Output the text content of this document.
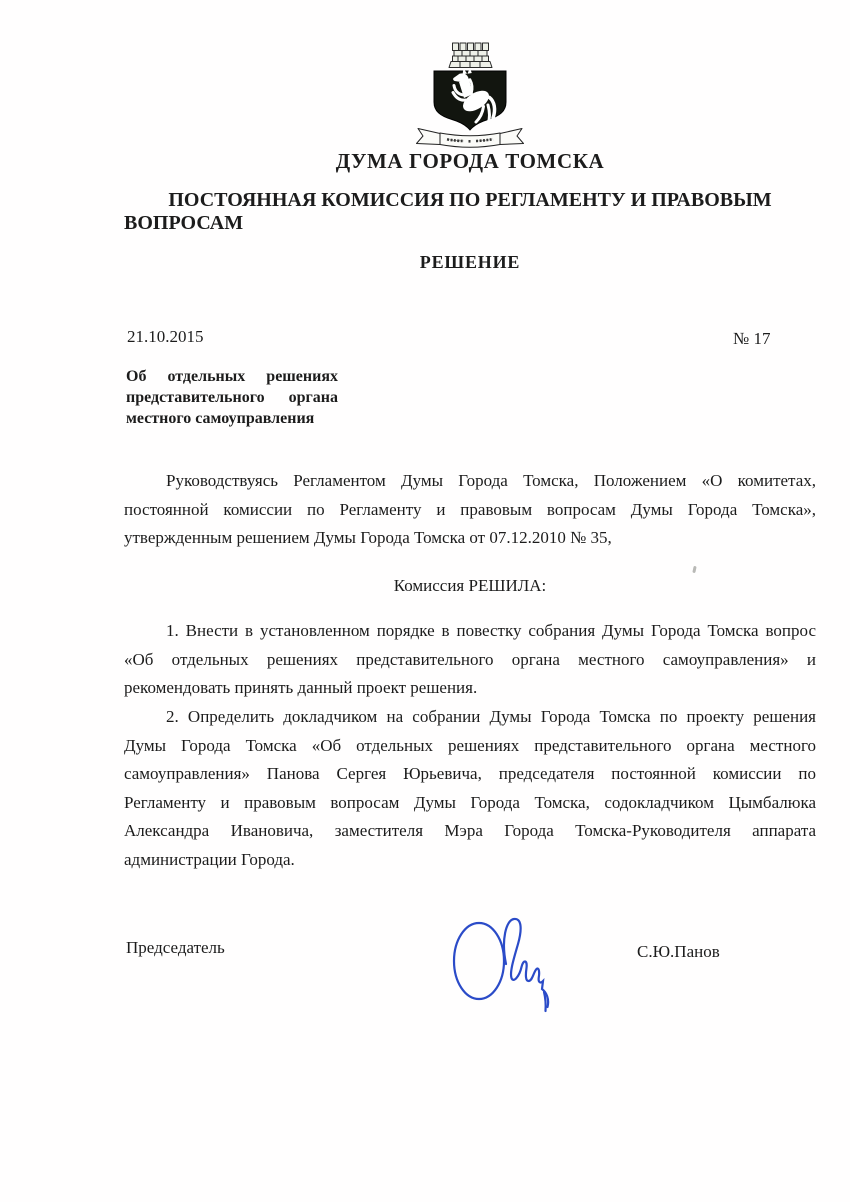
ДУМА ГОРОДА ТОМСКА
ПОСТОЯННАЯ КОМИССИЯ ПО РЕГЛАМЕНТУ И ПРАВОВЫМ
ВОПРОСАМ
РЕШЕНИЕ
21.10.2015	№ 17
Об отдельных решениях
представительного органа
местного самоуправления
Руководствуясь Регламентом Думы Города Томска, Положением «О комитетах,
постоянной комиссии по Регламенту и правовым вопросам Думы Города Томска»,
утвержденным решением Думы Города Томска от 07.12.2010 № 35,
Комиссия РЕШИЛА:
1. Внести в установленном порядке в повестку собрания Думы Города Томска вопрос
«Об отдельных решениях представительного органа местного самоуправления» и
рекомендовать принять данный проект решения.
2. Определить докладчиком на собрании Думы Города Томска по проекту решения
Думы Города Томска «Об отдельных решениях представительного органа местного
самоуправления» Панова Сергея Юрьевича, председателя постоянной комиссии по
Регламенту и правовым вопросам Думы Города Томска, содокладчиком Цымбалюка
Александра Ивановича, заместителя Мэра Города Томска-Руководителя аппарата
администрации Города.
Председатель	С.Ю.Панов
